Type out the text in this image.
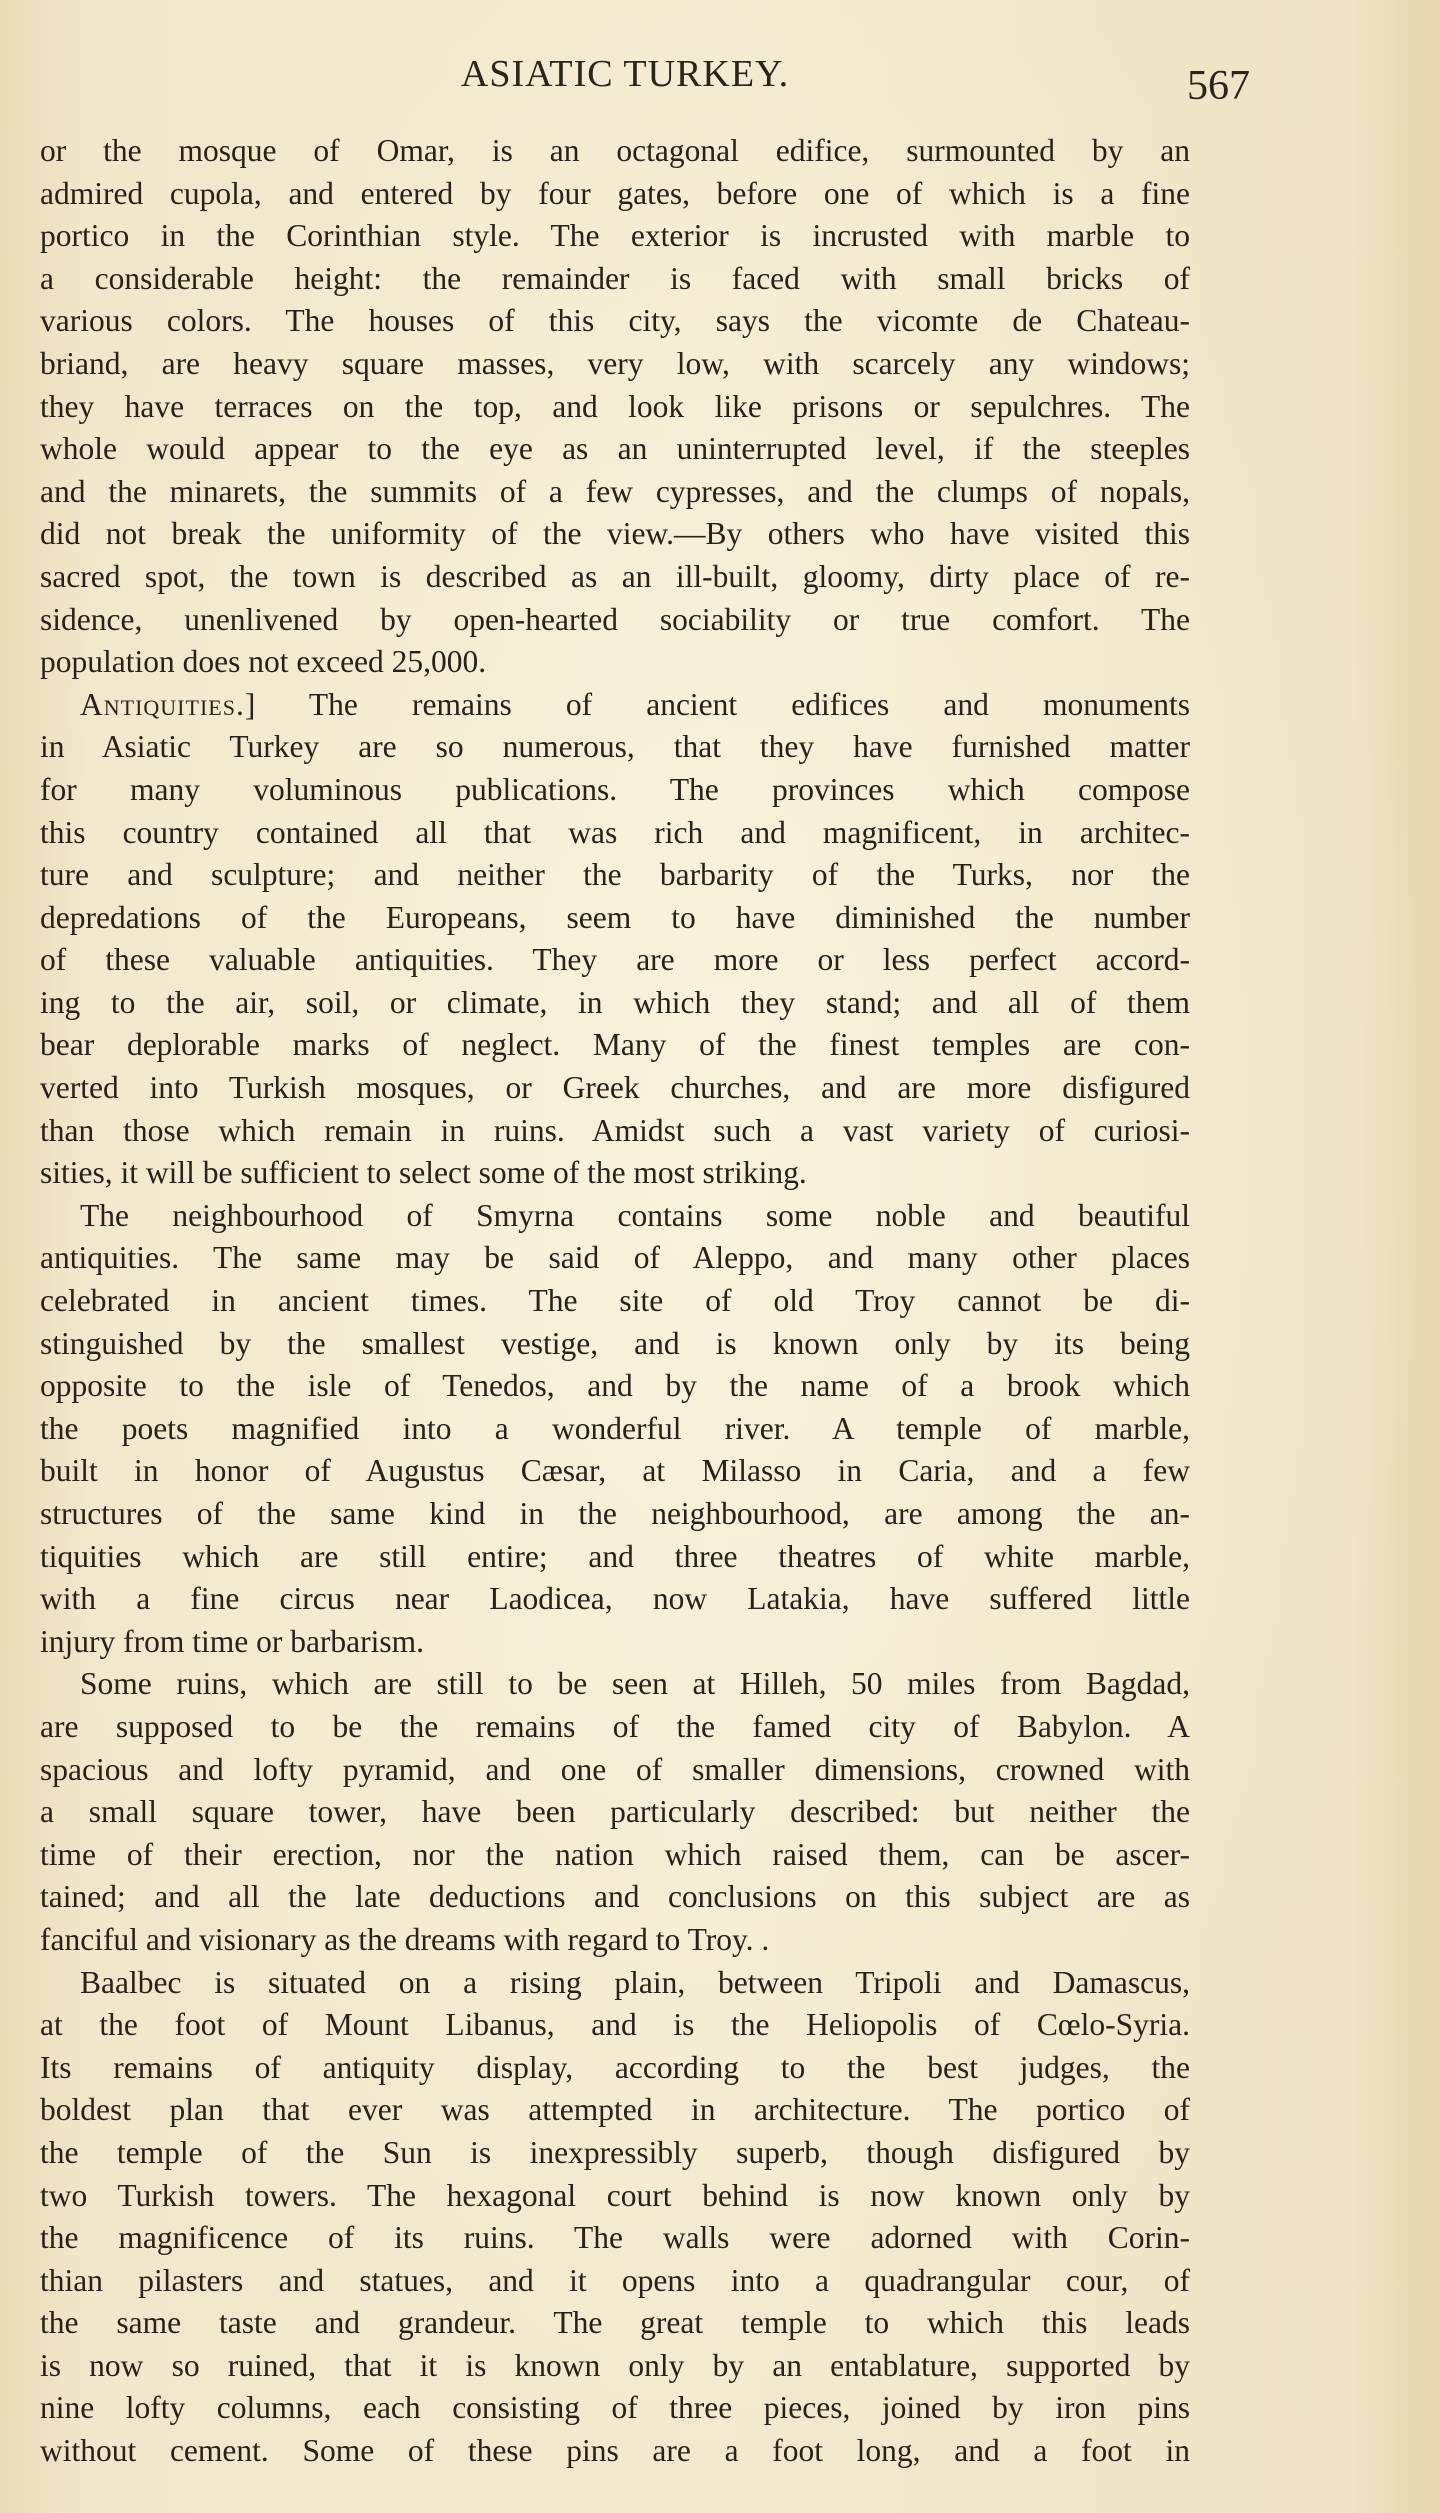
ASIATIC TURKEY.	567
or the mosque of Omar, is an octagonal edifice, surmounted by an
admired cupola, and entered by four gates, before one of which is a fine
portico in the Corinthian style. The exterior is incrusted with marble to
a considerable height: the remainder is faced with small bricks of
various colors. The houses of this city, says the vicomte de Chateau-
briand, are heavy square masses, very low, with scarcely any windows;
they have terraces on the top, and look like prisons or sepulchres. The
whole would appear to the eye as an uninterrupted level, if the steeples
and the minarets, the summits of a few cypresses, and the clumps of nopals,
did not break the uniformity of the view.—By others who have visited this
sacred spot, the town is described as an ill-built, gloomy, dirty place of re-
sidence, unenlivened by open-hearted sociability or true comfort. The
population does not exceed 25,000.
Antiquities.] The remains of ancient edifices and monuments
in Asiatic Turkey are so numerous, that they have furnished matter
for many voluminous publications. The provinces which compose
this country contained all that was rich and magnificent, in architec-
ture and sculpture; and neither the barbarity of the Turks, nor the
depredations of the Europeans, seem to have diminished the number
of these valuable antiquities. They are more or less perfect accord-
ing to the air, soil, or climate, in which they stand; and all of them
bear deplorable marks of neglect. Many of the finest temples are con-
verted into Turkish mosques, or Greek churches, and are more disfigured
than those which remain in ruins. Amidst such a vast variety of curiosi-
sities, it will be sufficient to select some of the most striking.
The neighbourhood of Smyrna contains some noble and beautiful
antiquities. The same may be said of Aleppo, and many other places
celebrated in ancient times. The site of old Troy cannot be di-
stinguished by the smallest vestige, and is known only by its being
opposite to the isle of Tenedos, and by the name of a brook which
the poets magnified into a wonderful river. A temple of marble,
built in honor of Augustus Cæsar, at Milasso in Caria, and a few
structures of the same kind in the neighbourhood, are among the an-
tiquities which are still entire; and three theatres of white marble,
with a fine circus near Laodicea, now Latakia, have suffered little
injury from time or barbarism.
Some ruins, which are still to be seen at Hilleh, 50 miles from Bagdad,
are supposed to be the remains of the famed city of Babylon. A
spacious and lofty pyramid, and one of smaller dimensions, crowned with
a small square tower, have been particularly described: but neither the
time of their erection, nor the nation which raised them, can be ascer-
tained; and all the late deductions and conclusions on this subject are as
fanciful and visionary as the dreams with regard to Troy. .
Baalbec is situated on a rising plain, between Tripoli and Damascus,
at the foot of Mount Libanus, and is the Heliopolis of Cœlo-Syria.
Its remains of antiquity display, according to the best judges, the
boldest plan that ever was attempted in architecture. The portico of
the temple of the Sun is inexpressibly superb, though disfigured by
two Turkish towers. The hexagonal court behind is now known only by
the magnificence of its ruins. The walls were adorned with Corin-
thian pilasters and statues, and it opens into a quadrangular cour, of
the same taste and grandeur. The great temple to which this leads
is now so ruined, that it is known only by an entablature, supported by
nine lofty columns, each consisting of three pieces, joined by iron pins
without cement. Some of these pins are a foot long, and a foot in
